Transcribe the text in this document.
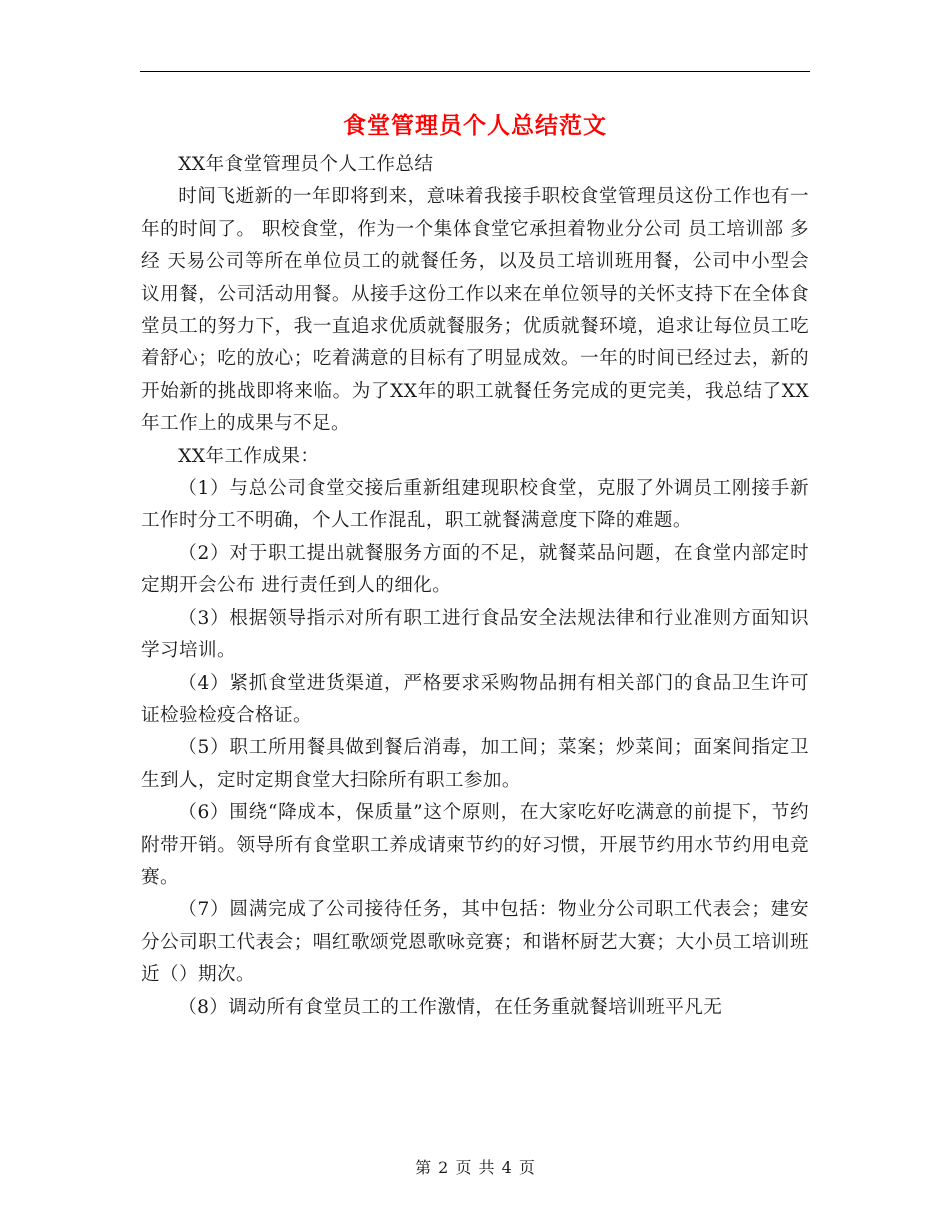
食堂管理员个人总结范文

XX年食堂管理员个人工作总结

时间飞逝新的一年即将到来，意味着我接手职校食堂管理员这份工作也有一年的时间了。 职校食堂，作为一个集体食堂它承担着物业分公司 员工培训部 多经 天易公司等所在单位员工的就餐任务，以及员工培训班用餐，公司中小型会议用餐，公司活动用餐。从接手这份工作以来在单位领导的关怀支持下在全体食堂员工的努力下，我一直追求优质就餐服务；优质就餐环境，追求让每位员工吃着舒心；吃的放心；吃着满意的目标有了明显成效。一年的时间已经过去，新的开始新的挑战即将来临。为了XX年的职工就餐任务完成的更完美，我总结了XX年工作上的成果与不足。

XX年工作成果：

（1）与总公司食堂交接后重新组建现职校食堂，克服了外调员工刚接手新工作时分工不明确，个人工作混乱，职工就餐满意度下降的难题。

（2）对于职工提出就餐服务方面的不足，就餐菜品问题，在食堂内部定时定期开会公布 进行责任到人的细化。

（3）根据领导指示对所有职工进行食品安全法规法律和行业准则方面知识学习培训。

（4）紧抓食堂进货渠道，严格要求采购物品拥有相关部门的食品卫生许可证检验检疫合格证。

（5）职工所用餐具做到餐后消毒，加工间；菜案；炒菜间；面案间指定卫生到人，定时定期食堂大扫除所有职工参加。

（6）围绕“降成本，保质量”这个原则，在大家吃好吃满意的前提下，节约附带开销。领导所有食堂职工养成请柬节约的好习惯，开展节约用水节约用电竞赛。

（7）圆满完成了公司接待任务，其中包括：物业分公司职工代表会；建安分公司职工代表会；唱红歌颂党恩歌咏竞赛；和谐杯厨艺大赛；大小员工培训班近（）期次。

（8）调动所有食堂员工的工作激情，在任务重就餐培训班平凡无

第 2 页 共 4 页
